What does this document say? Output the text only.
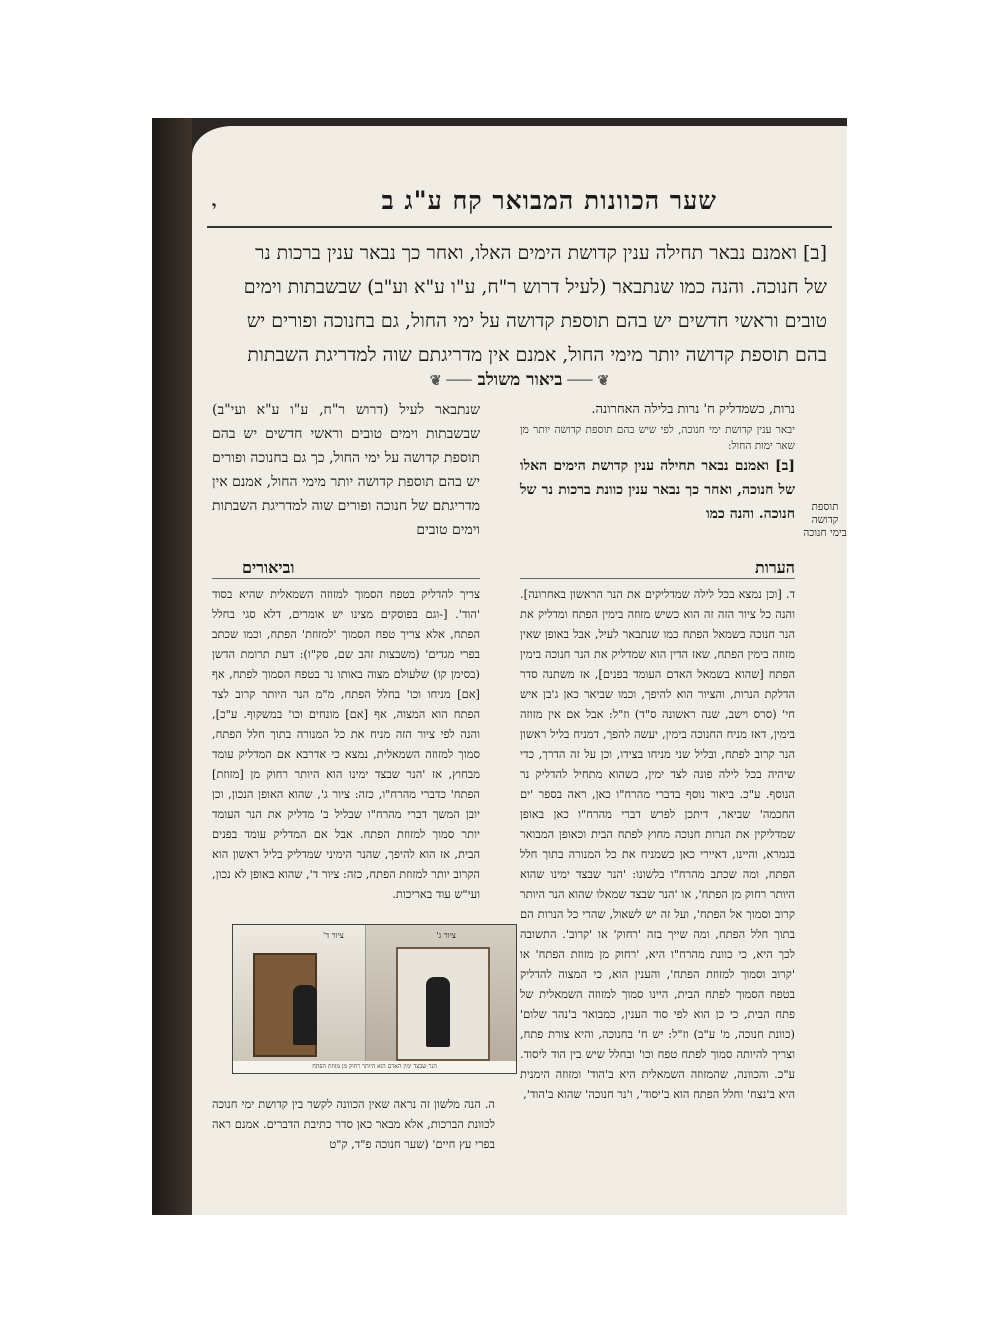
י	שער הכוונות המבואר קח ע"ג ב

[ב] ואמנם נבאר תחילה ענין קדושת הימים האלו, ואחר כך נבאר ענין ברכות נר

של חנוכה. והנה כמו שנתבאר (לעיל דרוש ר"ח, ע"ו ע"א וע"ב) שבשבתות וימים

טובים וראשי חדשים יש בהם תוספת קדושה על ימי החול, גם בחנוכה ופורים יש

בהם תוספת קדושה יותר מימי החול, אמנם אין מדריגתם שוה למדריגת השבתות

❦ ─── ביאור משולב ─── ❦
תוספת קדושה בימי חנוכה

נרות, כשמדליק ח' נרות בלילה האחרונה.

יבאר ענין קדושת ימי חנוכה, לפי שיש בהם תוספת קדושה יותר מן שאר ימות החול:

[ב] ואמנם נבאר תחילה ענין קדושת הימים האלו של חנוכה, ואחר כך נבאר ענין כוונת ברכות נר של חנוכה. והנה כמו

שנתבאר לעיל (דרוש ר"ח, ע"ו ע"א ועי"ב) שבשבתות וימים טובים וראשי חדשים יש בהם תוספת קדושה על ימי החול, כך גם בחנוכה ופורים יש בהם תוספת קדושה יותר מימי החול, אמנם אין מדריגתם של חנוכה ופורים שוה למדריגת השבתות וימים טובים

הערות
וביאורים
ד. [וכן נמצא בכל לילה שמדליקים את הנר הראשון באחרונה]. והנה כל ציור הזה זה הוא כשיש מזוזה בימין הפתח ומדליק את הנר חנוכה בשמאל הפתח כמו שנתבאר לעיל, אבל באופן שאין מזוזה בימין הפתח, שאז הדין הוא שמדליק את הנר חנוכה בימין הפתח [שהוא בשמאל האדם העומד בפנים], אז משתנה סדר הדלקת הנרות, והציור הוא להיפך, וכמו שביאר כאן ג'בן איש חי' (סרס וישב, שנה ראשונה ס"ד) וז"ל: אבל אם אין מזוזה בימין, דאז מניח החנוכה בימין, יעשה להפך, דמניח בליל ראשון הנר קרוב לפתח, ובליל שני מניחו בצידו, וכן על זה הדרך, כדי שיהיה בכל לילה פונה לצד ימין, כשהוא מתחיל להדליק נר הנוסף. ע"כ. ביאור נוסף בדברי מהרח"ו כאן, ראה בספר 'ים החכמה' שביאר, דיתכן לפרש דברי מהרח"ו כאן באופן שמדליקין את הנרות חנוכה מחוץ לפתח הבית וכאופן המבואר בגמרא, והיינו, דאיירי כאן כשמניח את כל המנורה בתוך חלל הפתח, ומה שכתב מהרח"ו בלשונו: 'הנר שבצד ימינו שהוא היותר רחוק מן הפתח', או 'הנר שבצד שמאלו שהוא הנר היותר קרוב וסמוך אל הפתח', ועל זה יש לשאול, שהרי כל הנרות הם בתוך חלל הפתח, ומה שייך בזה 'רחוק' או 'קרוב'. התשובה לכך היא, כי כוונת מהרח"ו היא, 'רחוק מן מזוזת הפתח' או 'קרוב וסמוך למזוזת הפתח', והענין הוא, כי המצוה להדליק בטפח הסמוך לפתח הבית, היינו סמוך למזוזה השמאלית של פתח הבית, כי כן הוא לפי סוד הענין, כמבואר ב'נהר שלום' (כוונת חנוכה, מ' ע"ב) וז"ל: יש ח' בחנוכה, והיא צורת פתח, וצריך להיותה סמוך לפתח טפח וכו' ובחלל שיש בין הוד ליסוד. ע"כ. והכוונה, שהמזוזה השמאלית היא ב'הוד' ומזוזה הימנית היא ב'נצח' וחלל הפתח הוא ב'יסוד', ו'נר חנוכה' שהוא ב'הוד',
צריך להדליק בטפח הסמוך למזוזה השמאלית שהיא בסוד 'הוד'. [-וגם בפוסקים מצינו יש אומרים, דלא סגי בחלל הפתח, אלא צריך טפח הסמוך 'למזוזת' הפתח, וכמו שכתב בפרי מגדים' (משבצות זהב שם, סק"ו): דעת תרומת הדשן (בסימן קו) שלעולם מצוה באותו נר בטפח הסמוך לפתח, אף [אם] מניחו וכו' בחלל הפתח, מ"מ הנר היותר קרוב לצד הפתח הוא המצוה, אף [אם] מונחים וכו' במשקוף. ע"כ], והנה לפי ציור הזה מניח את כל המנורה בתוך חלל הפתח, סמוך למזוזה השמאלית, נמצא כי אדרבא אם המדליק עומד מבחוץ, אז 'הנר שבצד ימינו הוא היותר רחוק מן [מזוזת] הפתח' כדברי מהרח"ו, כזה: ציור ג', שהוא האופן הנכון, וכן יובן המשך דברי מהרח"ו שבליל ב' מדליק את הנר העומד יותר סמוך למזוזת הפתח. אבל אם המדליק עומד בפנים הבית, אז הוא להיפך, שהנר הימיני שמדליק בליל ראשון הוא הקרוב יותר למזוזת הפתח, כזה: ציור ד', שהוא באופן לא נכון, ועי"ש עוד באריכות.
ציור ג'
ציור ד'
הנר שבצד ימין האדם הוא היותר רחוק מן מזוזת הפתח
ה. הנה מלשון זה נראה שאין הכוונה לקשר בין קדושת ימי חנוכה לכוונת הברכות, אלא מבאר כאן סדר כתיבת הדברים. אמנם ראה בפרי עץ חיים' (שער חנוכה פ"ד, ק"ט
